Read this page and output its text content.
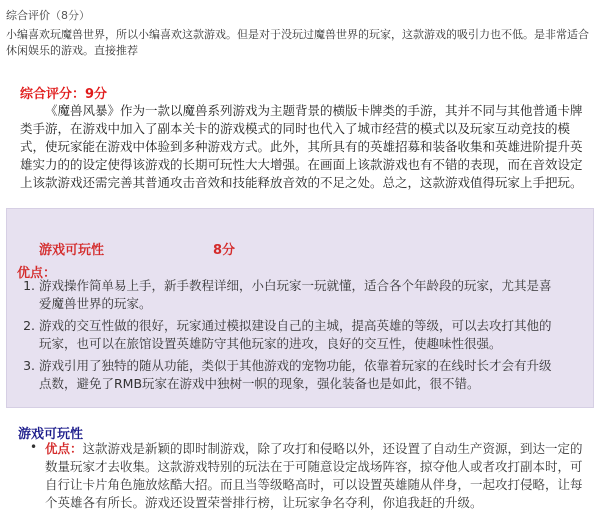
综合评价（8分）
小编喜欢玩魔兽世界，所以小编喜欢这款游戏。但是对于没玩过魔兽世界的玩家，这款游戏的吸引力也不低。是非常适合休闲娱乐的游戏。直接推荐
综合评分：9分
《魔兽风暴》作为一款以魔兽系列游戏为主题背景的横版卡牌类的手游，其并不同与其他普通卡牌类手游，在游戏中加入了副本关卡的游戏模式的同时也代入了城市经营的模式以及玩家互动竞技的模式，使玩家能在游戏中体验到多种游戏方式。此外，其所具有的英雄招募和装备收集和英雄进阶提升英雄实力的的设定使得该游戏的长期可玩性大大增强。在画面上该款游戏也有不错的表现，而在音效设定上该款游戏还需完善其普通攻击音效和技能释放音效的不足之处。总之，这款游戏值得玩家上手把玩。
游戏可玩性	8分
优点：
1. 游戏操作简单易上手，新手教程详细，小白玩家一玩就懂，适合各个年龄段的玩家，尤其是喜爱魔兽世界的玩家。
2. 游戏的交互性做的很好，玩家通过模拟建设自己的主城，提高英雄的等级，可以去攻打其他的玩家，也可以在旅馆设置英雄防守其他玩家的进攻，良好的交互性，使趣味性很强。
3. 游戏引用了独特的随从功能，类似于其他游戏的宠物功能，依靠着玩家的在线时长才会有升级点数，避免了RMB玩家在游戏中独树一帜的现象，强化装备也是如此，很不错。
游戏可玩性
• 优点：这款游戏是新颖的即时制游戏，除了攻打和侵略以外，还设置了自动生产资源，到达一定的数量玩家才去收集。这款游戏特别的玩法在于可随意设定战场阵容，掠夺他人或者攻打副本时，可自行让卡片角色施放炫酷大招。而且当等级略高时，可以设置英雄随从伴身，一起攻打侵略，让每个英雄各有所长。游戏还设置荣誉排行榜，让玩家争名夺利，你追我赶的升级。
